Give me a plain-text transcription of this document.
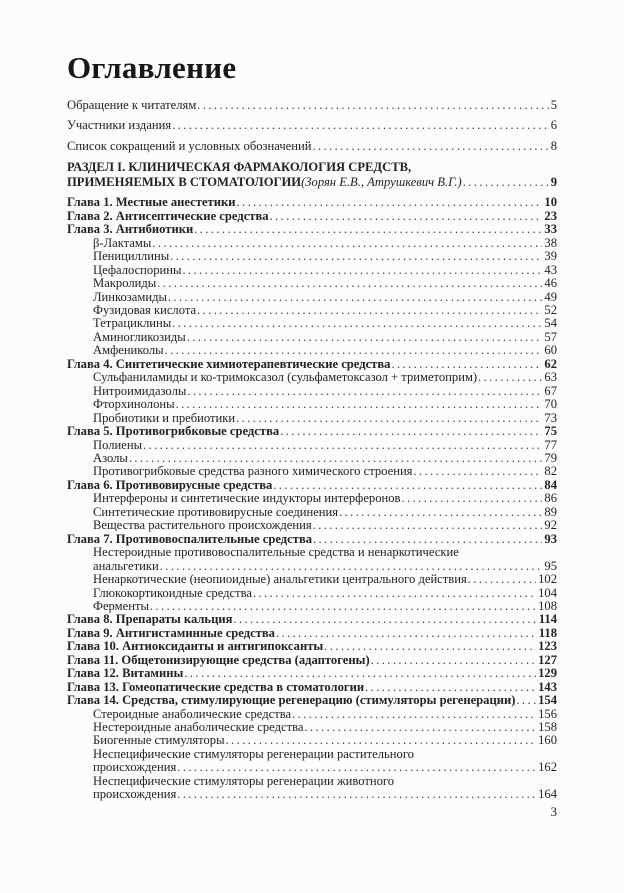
Оглавление
Обращение к читателям .....	5
Участники издания .....	6
Список сокращений и условных обозначений .....	8
РАЗДЕЛ I. КЛИНИЧЕСКАЯ ФАРМАКОЛОГИЯ СРЕДСТВ,
ПРИМЕНЯЕМЫХ В СТОМАТОЛОГИИ (Зорян Е.В., Атрушкевич В.Г.) .....	9
Глава 1. Местные анестетики .....	10
Глава 2. Антисептические средства .....	23
Глава 3. Антибиотики .....	33
β-Лактамы .....	38
Пенициллины .....	39
Цефалоспорины .....	43
Макролиды .....	46
Линкозамиды .....	49
Фузидовая кислота .....	52
Тетрациклины .....	54
Аминогликозиды .....	57
Амфениколы .....	60
Глава 4. Синтетические химиотерапевтические средства .....	62
Сульфаниламиды и ко-тримоксазол (сульфаметоксазол + триметоприм) .....	63
Нитроимидазолы .....	67
Фторхинолоны .....	70
Пробиотики и пребиотики .....	73
Глава 5. Противогрибковые средства .....	75
Полиены .....	77
Азолы .....	79
Противогрибковые средства разного химического строения .....	82
Глава 6. Противовирусные средства .....	84
Интерфероны и синтетические индукторы интерферонов .....	86
Синтетические противовирусные соединения .....	89
Вещества растительного происхождения .....	92
Глава 7. Противовоспалительные средства .....	93
Нестероидные противовоспалительные средства и ненаркотические
анальгетики .....	95
Ненаркотические (неопиоидные) анальгетики центрального действия .....	102
Глюкокортикоидные средства .....	104
Ферменты .....	108
Глава 8. Препараты кальция .....	114
Глава 9. Антигистаминные средства .....	118
Глава 10. Антиоксиданты и антигипоксанты .....	123
Глава 11. Общетонизирующие средства (адаптогены) .....	127
Глава 12. Витамины .....	129
Глава 13. Гомеопатические средства в стоматологии .....	143
Глава 14. Средства, стимулирующие регенерацию (стимуляторы регенерации) ..... 154
Стероидные анаболические средства .....	156
Нестероидные анаболические средства .....	158
Биогенные стимуляторы .....	160
Неспецифические стимуляторы регенерации растительного
происхождения .....	162
Неспецифические стимуляторы регенерации животного
происхождения .....	164
3
